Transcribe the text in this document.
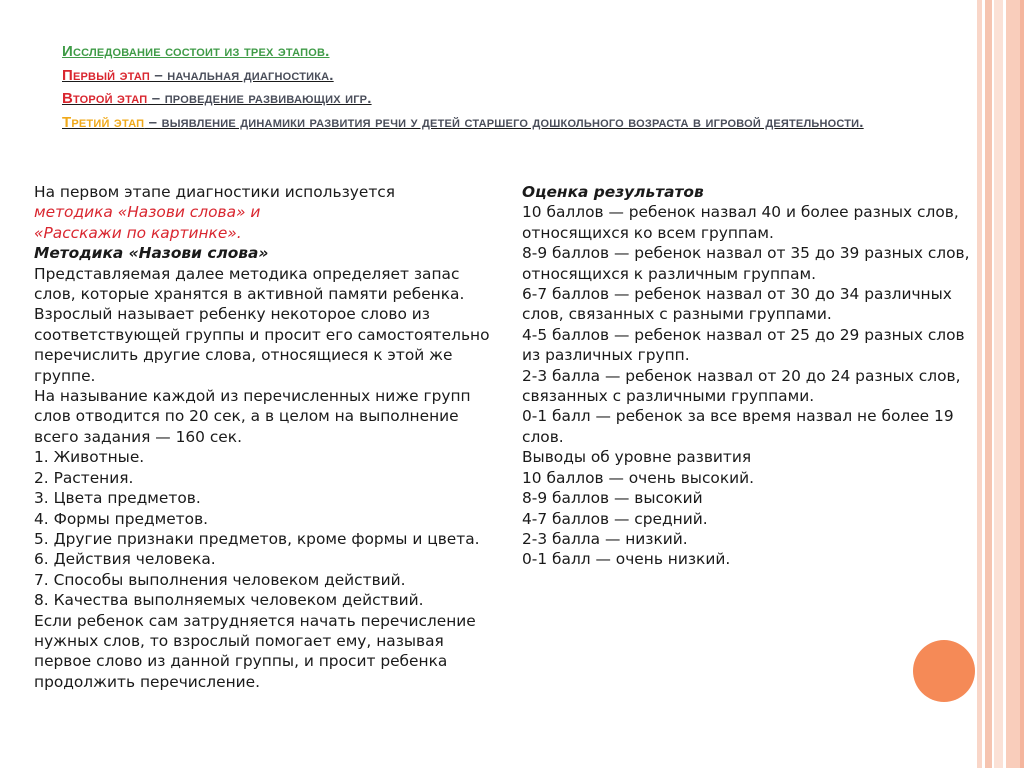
Исследование состоит из трех этапов.
Первый этап – начальная диагностика.
Второй этап – проведение развивающих игр.
Третий этап – выявление динамики развития речи у детей старшего дошкольного возраста в игровой деятельности.

На первом этапе диагностики используется

методика «Назови слова» и

«Расскажи по картинке».

Методика «Назови слова»

Представляемая далее методика определяет запас слов, которые хранятся в активной памяти ребенка. Взрослый называет ребенку некоторое слово из соответствующей группы и просит его самостоятельно перечислить другие слова, относящиеся к этой же группе.

На называние каждой из перечисленных ниже групп слов отводится по 20 сек, а в целом на выполнение всего задания — 160 сек.

1. Животные.

2. Растения.

3. Цвета предметов.

4. Формы предметов.

5. Другие признаки предметов, кроме формы и цвета.

6. Действия человека.

7. Способы выполнения человеком действий.

8. Качества выполняемых человеком действий.

Если ребенок сам затрудняется начать перечисление нужных слов, то взрослый помогает ему, называя первое слово из данной группы, и просит ребенка продолжить перечисление.

Оценка результатов

10 баллов — ребенок назвал 40 и более разных слов, относящихся ко всем группам.

8-9 баллов — ребенок назвал от 35 до 39 разных слов, относящихся к различным группам.

6-7 баллов — ребенок назвал от 30 до 34 различных слов, связанных с разными группами.

4-5 баллов — ребенок назвал от 25 до 29 разных слов из различных групп.

2-3 балла — ребенок назвал от 20 до 24 разных слов, связанных с различными группами.

0-1 балл — ребенок за все время назвал не более 19 слов.

Выводы об уровне развития

10 баллов — очень высокий.

8-9 баллов — высокий

4-7 баллов — средний.

2-3 балла — низкий.

0-1 балл — очень низкий.
